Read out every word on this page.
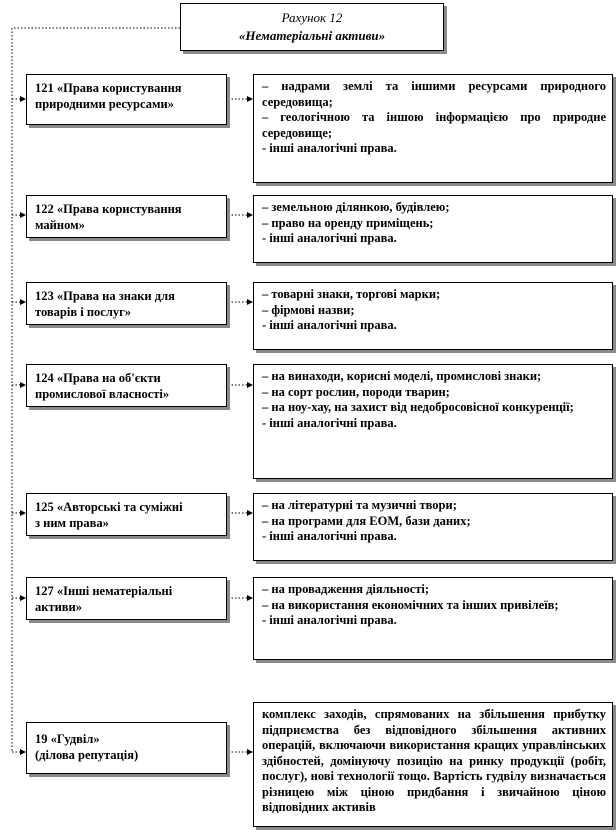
Рахунок 12
«Нематеріальні активи»
121 «Права користування
природними ресурсами»
– надрами землі та іншими ресурсами природного середовища;
– геологічною та іншою інформацією про природне середовище;
- інші аналогічні права.
122 «Права користування
майном»
– земельною ділянкою, будівлею;
– право на оренду приміщень;
- інші аналогічні права.
123 «Права на знаки для
товарів і послуг»
– товарні знаки, торгові марки;
– фірмові назви;
- інші аналогічні права.
124 «Права на об'єкти
промислової власності»
– на винаходи, корисні моделі, промислові знаки;
– на сорт рослин, породи тварин;
– на ноу-хау, на захист від недобросовісної конкуренції;
- інші аналогічні права.
125 «Авторські та суміжні
з ним права»
– на літературні та музичні твори;
– на програми для ЕОМ, бази даних;
- інші аналогічні права.
127 «Інші нематеріальні
активи»
– на провадження діяльності;
– на використання економічних та інших привілеїв;
- інші аналогічні права.
19 «Гудвіл»
(ділова репутація)
комплекс заходів, спрямованих на збільшення прибутку підприємства без відповідного збільшення активних операцій, включаючи використання кращих управлінських здібностей, домінуючу позицію на ринку продукції (робіт, послуг), нові технології тощо. Вартість гудвілу визначається різницею між ціною придбання і звичайною ціною відповідних активів
